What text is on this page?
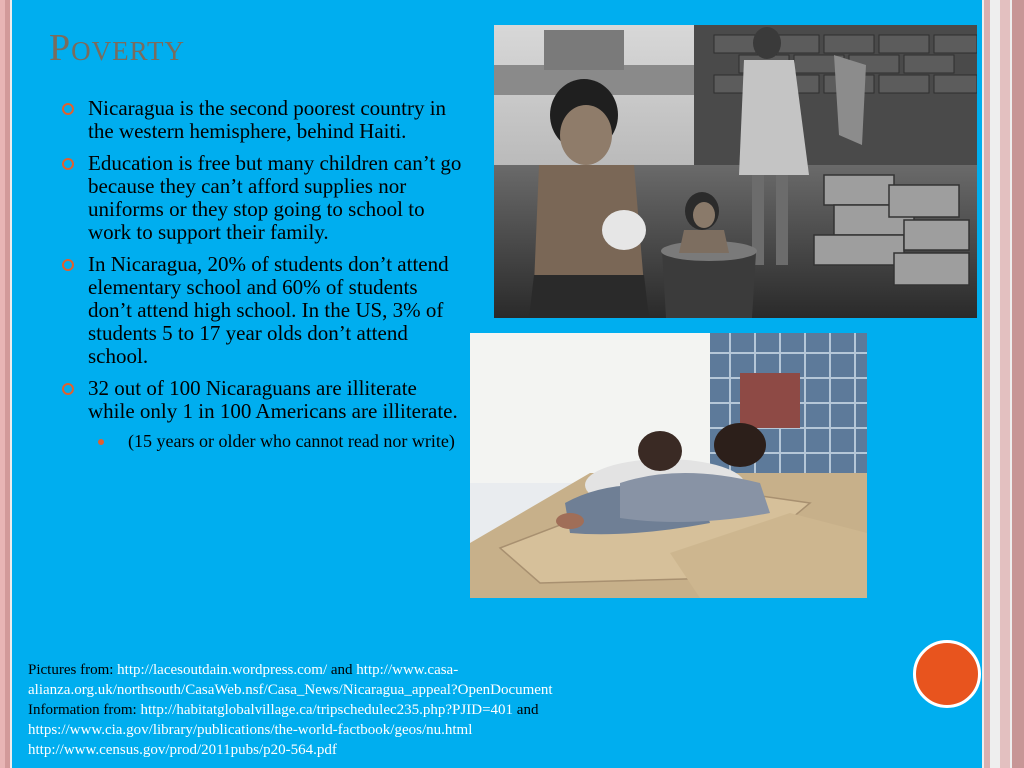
Poverty
Nicaragua is the second poorest country in the western hemisphere, behind Haiti.
Education is free but many children can’t go because they can’t afford supplies nor uniforms or they stop going to school to work to support their family.
In Nicaragua, 20% of students don’t attend elementary school and 60% of students don’t attend high school. In the US, 3% of students 5 to 17 year olds don’t attend school.
32 out of 100 Nicaraguans are illiterate while only 1 in 100 Americans are illiterate.
(15 years or older who cannot read nor write)
Pictures from: http://lacesoutdain.wordpress.com/ and http://www.casa-
alianza.org.uk/northsouth/CasaWeb.nsf/Casa_News/Nicaragua_appeal?OpenDocument
Information from: http://habitatglobalvillage.ca/tripschedulec235.php?PJID=401 and
https://www.cia.gov/library/publications/the-world-factbook/geos/nu.html
http://www.census.gov/prod/2011pubs/p20-564.pdf
